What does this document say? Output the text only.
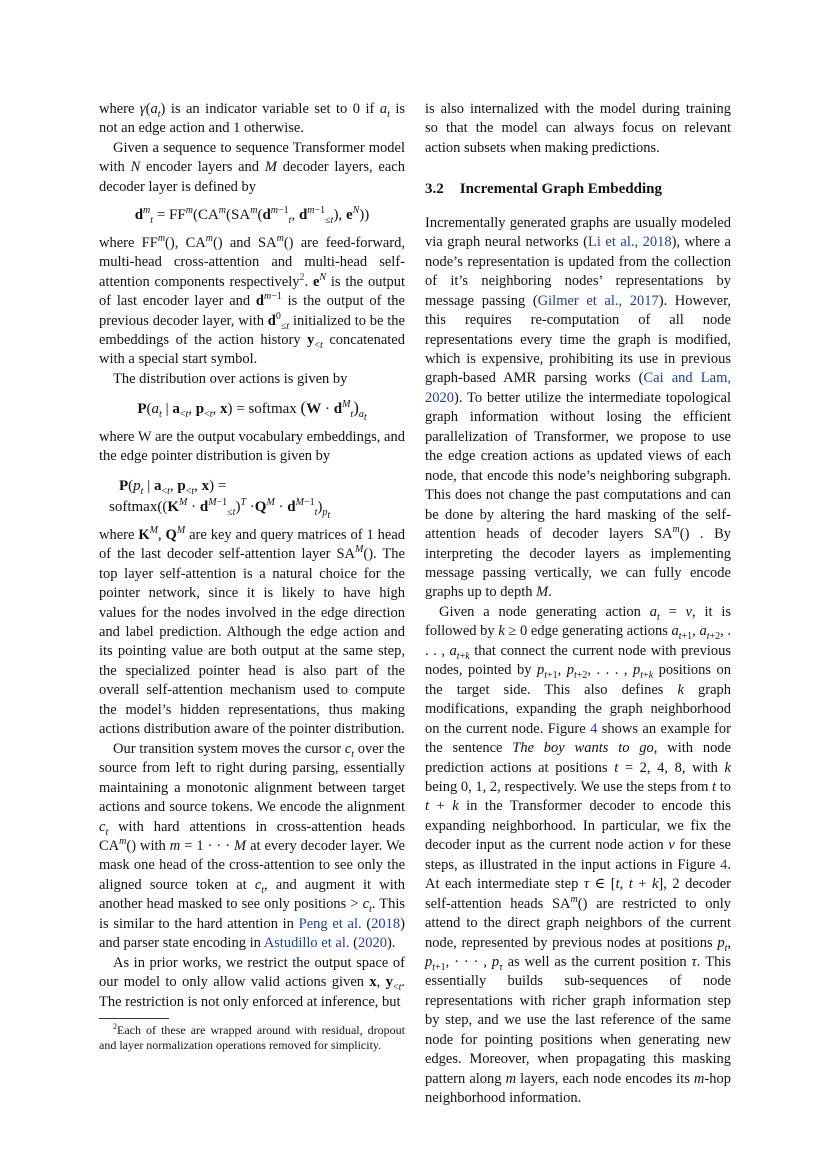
where $\gamma(a_t)$ is an indicator variable set to 0 if $a_t$ is not an edge action and 1 otherwise.

Given a sequence to sequence Transformer model with N encoder layers and M decoder layers, each decoder layer is defined by

$d^m_t = FF^m(CA^m(SA^m(d^{m-1}_t$, $d^{m-1}_{\le t}$), $e^N$))

where $FF^m()$, $CA^m()$ and $SA^m()$ are feed-forward, multi-head cross-attention and multi-head self-attention components respectively$^2$. $e^N$ is the output of last encoder layer and $d^{m-1}$ is the output of the previous decoder layer, with $d^0_{\le t}$ initialized to be the embeddings of the action history $y_{<t}$ concatenated with a special start symbol.

The distribution over actions is given by

$P(a_t$ | $a_{<t}$, $p_{<t}$, x) = softmax $(W \cdot d^M_t)_{a_t}$

where W are the output vocabulary embeddings, and the edge pointer distribution is given by

$P(p_t$ | $a_{<t}$, $p_{<t}$, x) =
$softmax((K^M \cdot d^{M-1}_{\le t})^T \cdot Q^M \cdot d^{M-1}_t)_{p_t}$

where $K^M$, $Q^M$ are key and query matrices of 1 head of the last decoder self-attention layer $SA^M()$. The top layer self-attention is a natural choice for the pointer network, since it is likely to have high values for the nodes involved in the edge direction and label prediction. Although the edge action and its pointing value are both output at the same step, the specialized pointer head is also part of the overall self-attention mechanism used to compute the model’s hidden representations, thus making actions distribution aware of the pointer distribution.

Our transition system moves the cursor $c_t$ over the source from left to right during parsing, essentially maintaining a monotonic alignment between target actions and source tokens. We encode the alignment $c_t$ with hard attentions in cross-attention heads $CA^m()$ with m = 1 · · · M at every decoder layer. We mask one head of the cross-attention to see only the aligned source token at $c_t$, and augment it with another head masked to see only positions > $c_t$. This is similar to the hard attention in Peng et al. (2018) and parser state encoding in Astudillo et al. (2020).

As in prior works, we restrict the output space of our model to only allow valid actions given x, $y_{<t}$. The restriction is not only enforced at inference, but

$^2$Each of these are wrapped around with residual, dropout and layer normalization operations removed for simplicity.

is also internalized with the model during training so that the model can always focus on relevant action subsets when making predictions.

3.2 Incremental Graph Embedding

Incrementally generated graphs are usually modeled via graph neural networks (Li et al., 2018), where a node’s representation is updated from the collection of it’s neighboring nodes’ representations by message passing (Gilmer et al., 2017). However, this requires re-computation of all node representations every time the graph is modified, which is expensive, prohibiting its use in previous graph-based AMR parsing works (Cai and Lam, 2020). To better utilize the intermediate topological graph information without losing the efficient parallelization of Transformer, we propose to use the edge creation actions as updated views of each node, that encode this node’s neighboring subgraph. This does not change the past computations and can be done by altering the hard masking of the self-attention heads of decoder layers $SA^m()$ . By interpreting the decoder layers as implementing message passing vertically, we can fully encode graphs up to depth M.

Given a node generating action $a_t = v$, it is followed by k ≥ 0 edge generating actions $a_{t+1}$, $a_{t+2}$, . . . , $a_{t+k}$ that connect the current node with previous nodes, pointed by $p_{t+1}$, $p_{t+2}$, . . . , $p_{t+k}$ positions on the target side. This also defines k graph modifications, expanding the graph neighborhood on the current node. Figure 4 shows an example for the sentence The boy wants to go, with node prediction actions at positions t = 2, 4, 8, with k being 0, 1, 2, respectively. We use the steps from t to t + k in the Transformer decoder to encode this expanding neighborhood. In particular, we fix the decoder input as the current node action v for these steps, as illustrated in the input actions in Figure 4. At each intermediate step τ ∈ [t, t + k], 2 decoder self-attention heads $SA^m()$ are restricted to only attend to the direct graph neighbors of the current node, represented by previous nodes at positions $p_t$, $p_{t+1}$, · · · , $p_\tau$ as well as the current position τ. This essentially builds sub-sequences of node representations with richer graph information step by step, and we use the last reference of the same node for pointing positions when generating new edges. Moreover, when propagating this masking pattern along m layers, each node encodes its m-hop neighborhood information.
